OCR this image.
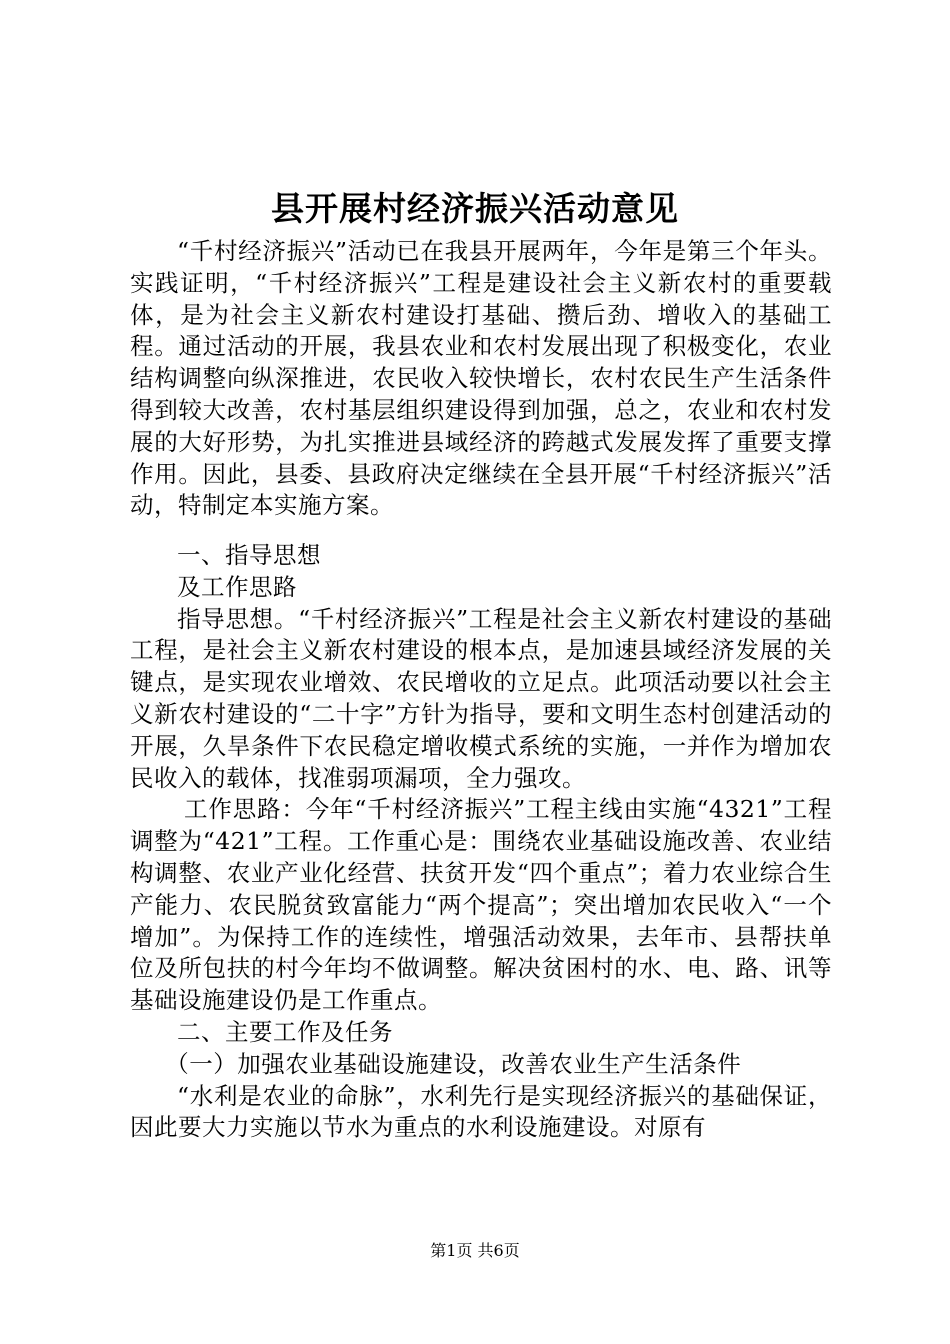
县开展村经济振兴活动意见

“千村经济振兴”活动已在我县开展两年，今年是第三个年头。实践证明，“千村经济振兴”工程是建设社会主义新农村的重要载体，是为社会主义新农村建设打基础、攒后劲、增收入的基础工程。通过活动的开展，我县农业和农村发展出现了积极变化，农业结构调整向纵深推进，农民收入较快增长，农村农民生产生活条件得到较大改善，农村基层组织建设得到加强，总之，农业和农村发展的大好形势，为扎实推进县域经济的跨越式发展发挥了重要支撑作用。因此，县委、县政府决定继续在全县开展“千村经济振兴”活动，特制定本实施方案。

一、指导思想

及工作思路

指导思想。“千村经济振兴”工程是社会主义新农村建设的基础工程，是社会主义新农村建设的根本点，是加速县域经济发展的关键点，是实现农业增效、农民增收的立足点。此项活动要以社会主义新农村建设的“二十字”方针为指导，要和文明生态村创建活动的开展，久旱条件下农民稳定增收模式系统的实施，一并作为增加农民收入的载体，找准弱项漏项，全力强攻。

工作思路：今年“千村经济振兴”工程主线由实施“4321”工程调整为“421”工程。工作重心是：围绕农业基础设施改善、农业结构调整、农业产业化经营、扶贫开发“四个重点”；着力农业综合生产能力、农民脱贫致富能力“两个提高”；突出增加农民收入“一个增加”。为保持工作的连续性，增强活动效果，去年市、县帮扶单位及所包扶的村今年均不做调整。解决贫困村的水、电、路、讯等基础设施建设仍是工作重点。

二、主要工作及任务

（一）加强农业基础设施建设，改善农业生产生活条件

“水利是农业的命脉”，水利先行是实现经济振兴的基础保证，因此要大力实施以节水为重点的水利设施建设。对原有

第1页 共6页
